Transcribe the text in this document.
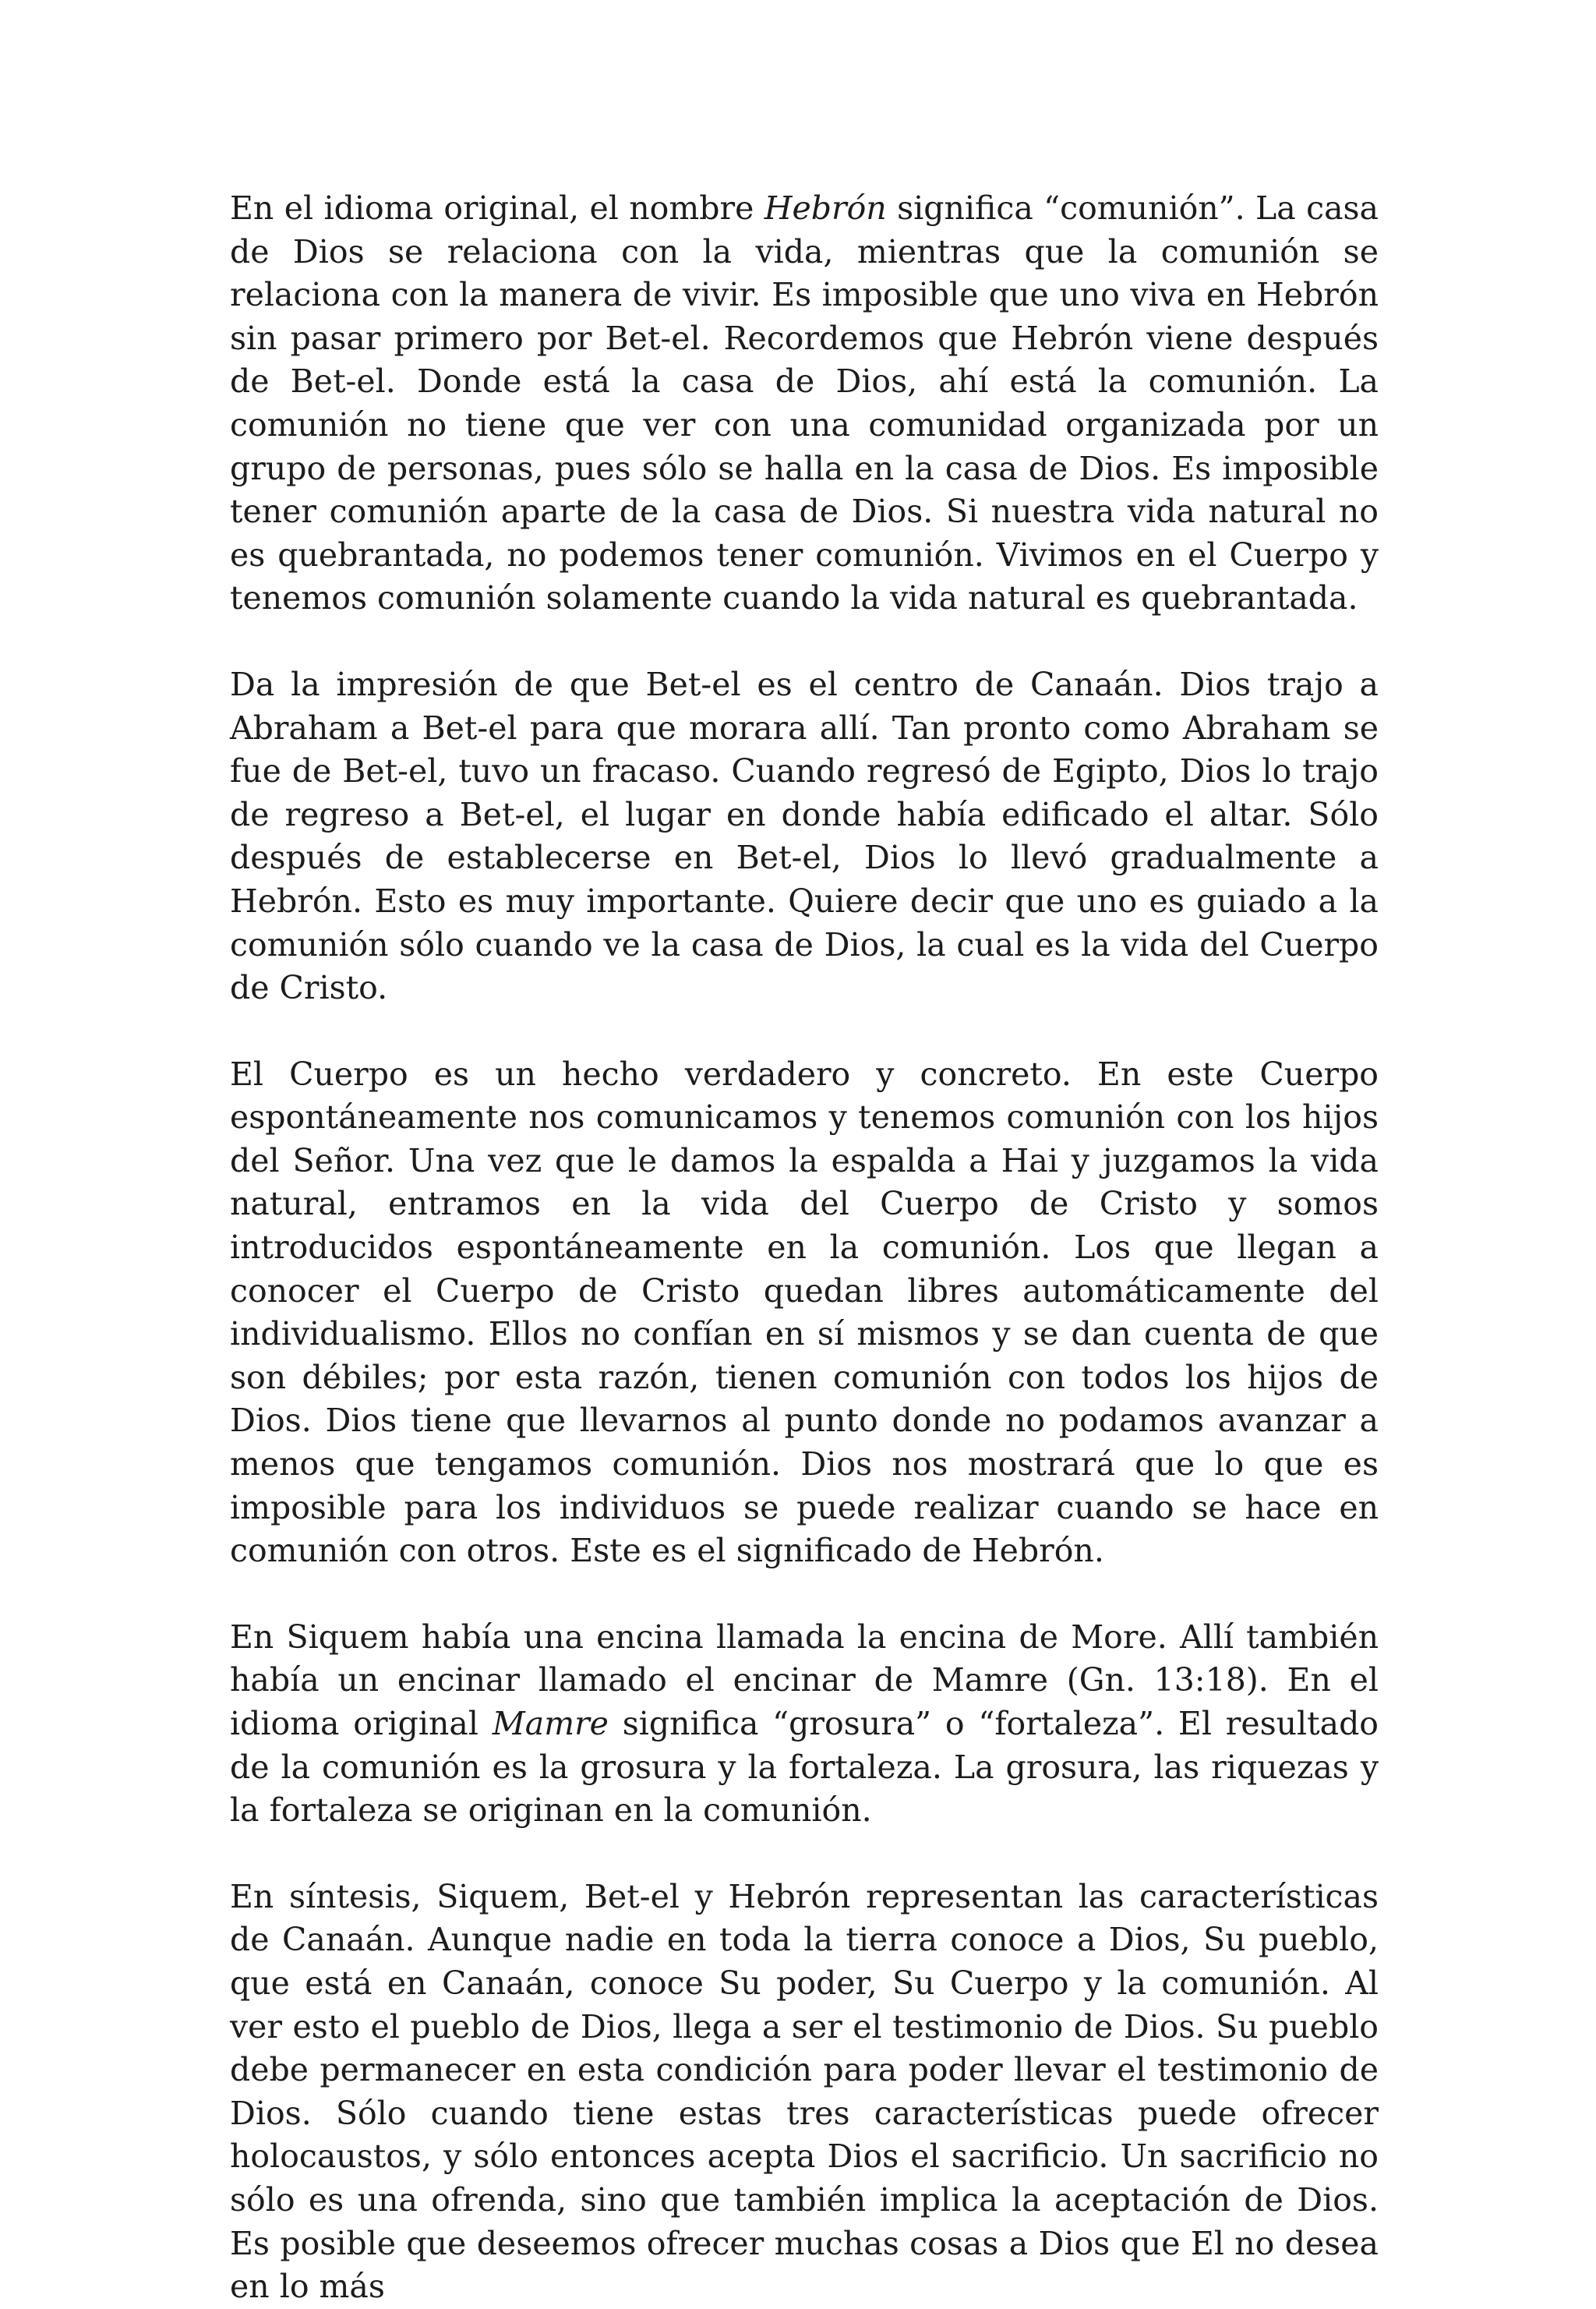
En el idioma original, el nombre Hebrón significa “comunión”. La casa de Dios se relaciona con la vida, mientras que la comunión se relaciona con la manera de vivir. Es imposible que uno viva en Hebrón sin pasar primero por Bet-el. Recordemos que Hebrón viene después de Bet-el. Donde está la casa de Dios, ahí está la comunión. La comunión no tiene que ver con una comunidad organizada por un grupo de personas, pues sólo se halla en la casa de Dios. Es imposible tener comunión aparte de la casa de Dios. Si nuestra vida natural no es quebrantada, no podemos tener comunión. Vivimos en el Cuerpo y tenemos comunión solamente cuando la vida natural es quebrantada.

Da la impresión de que Bet-el es el centro de Canaán. Dios trajo a Abraham a Bet-el para que morara allí. Tan pronto como Abraham se fue de Bet-el, tuvo un fracaso. Cuando regresó de Egipto, Dios lo trajo de regreso a Bet-el, el lugar en donde había edificado el altar. Sólo después de establecerse en Bet-el, Dios lo llevó gradualmente a Hebrón. Esto es muy importante. Quiere decir que uno es guiado a la comunión sólo cuando ve la casa de Dios, la cual es la vida del Cuerpo de Cristo.

El Cuerpo es un hecho verdadero y concreto. En este Cuerpo espontáneamente nos comunicamos y tenemos comunión con los hijos del Señor. Una vez que le damos la espalda a Hai y juzgamos la vida natural, entramos en la vida del Cuerpo de Cristo y somos introducidos espontáneamente en la comunión. Los que llegan a conocer el Cuerpo de Cristo quedan libres automáticamente del individualismo. Ellos no confían en sí mismos y se dan cuenta de que son débiles; por esta razón, tienen comunión con todos los hijos de Dios. Dios tiene que llevarnos al punto donde no podamos avanzar a menos que tengamos comunión. Dios nos mostrará que lo que es imposible para los individuos se puede realizar cuando se hace en comunión con otros. Este es el significado de Hebrón.

En Siquem había una encina llamada la encina de More. Allí también había un encinar llamado el encinar de Mamre (Gn. 13:18). En el idioma original Mamre significa “grosura” o “fortaleza”. El resultado de la comunión es la grosura y la fortaleza. La grosura, las riquezas y la fortaleza se originan en la comunión.

En síntesis, Siquem, Bet-el y Hebrón representan las características de Canaán. Aunque nadie en toda la tierra conoce a Dios, Su pueblo, que está en Canaán, conoce Su poder, Su Cuerpo y la comunión. Al ver esto el pueblo de Dios, llega a ser el testimonio de Dios. Su pueblo debe permanecer en esta condición para poder llevar el testimonio de Dios. Sólo cuando tiene estas tres características puede ofrecer holocaustos, y sólo entonces acepta Dios el sacrificio. Un sacrificio no sólo es una ofrenda, sino que también implica la aceptación de Dios. Es posible que deseemos ofrecer muchas cosas a Dios que El no desea en lo más
